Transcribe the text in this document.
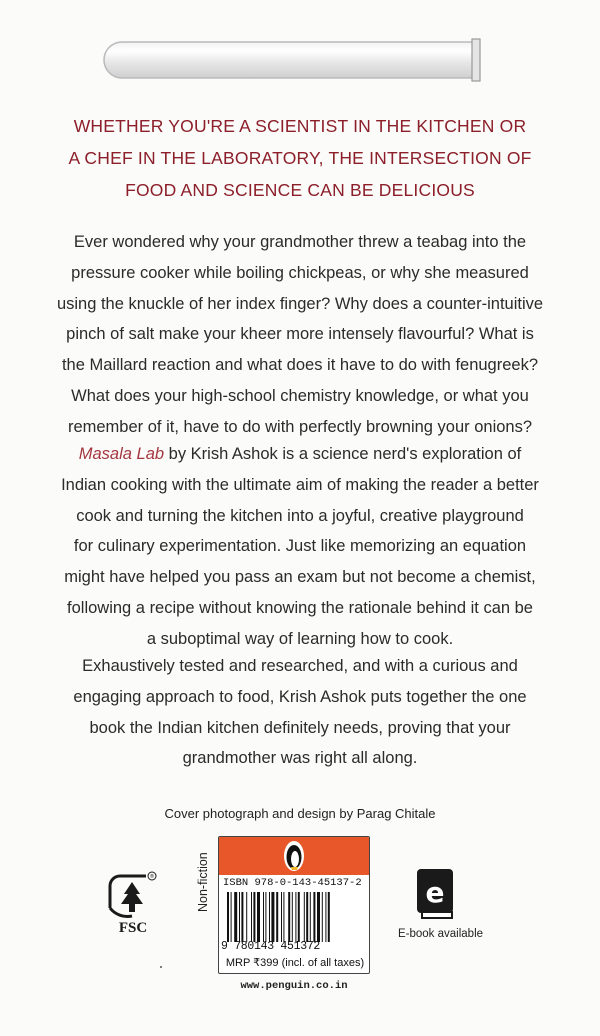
WHETHER YOU'RE A SCIENTIST IN THE KITCHEN OR
A CHEF IN THE LABORATORY, THE INTERSECTION OF
FOOD AND SCIENCE CAN BE DELICIOUS
Ever wondered why your grandmother threw a teabag into the
pressure cooker while boiling chickpeas, or why she measured
using the knuckle of her index finger? Why does a counter-intuitive
pinch of salt make your kheer more intensely flavourful? What is
the Maillard reaction and what does it have to do with fenugreek?
What does your high-school chemistry knowledge, or what you
remember of it, have to do with perfectly browning your onions?
Masala Lab by Krish Ashok is a science nerd's exploration of
Indian cooking with the ultimate aim of making the reader a better
cook and turning the kitchen into a joyful, creative playground
for culinary experimentation. Just like memorizing an equation
might have helped you pass an exam but not become a chemist,
following a recipe without knowing the rationale behind it can be
a suboptimal way of learning how to cook.
Exhaustively tested and researched, and with a curious and
engaging approach to food, Krish Ashok puts together the one
book the Indian kitchen definitely needs, proving that your
grandmother was right all along.
Cover photograph and design by Parag Chitale
®
FSC
Non-fiction ISBN 978-0-143-45137-2
9 780143 451372
MRP ₹399 (incl. of all taxes)
www.penguin.co.in
e
E-book available
